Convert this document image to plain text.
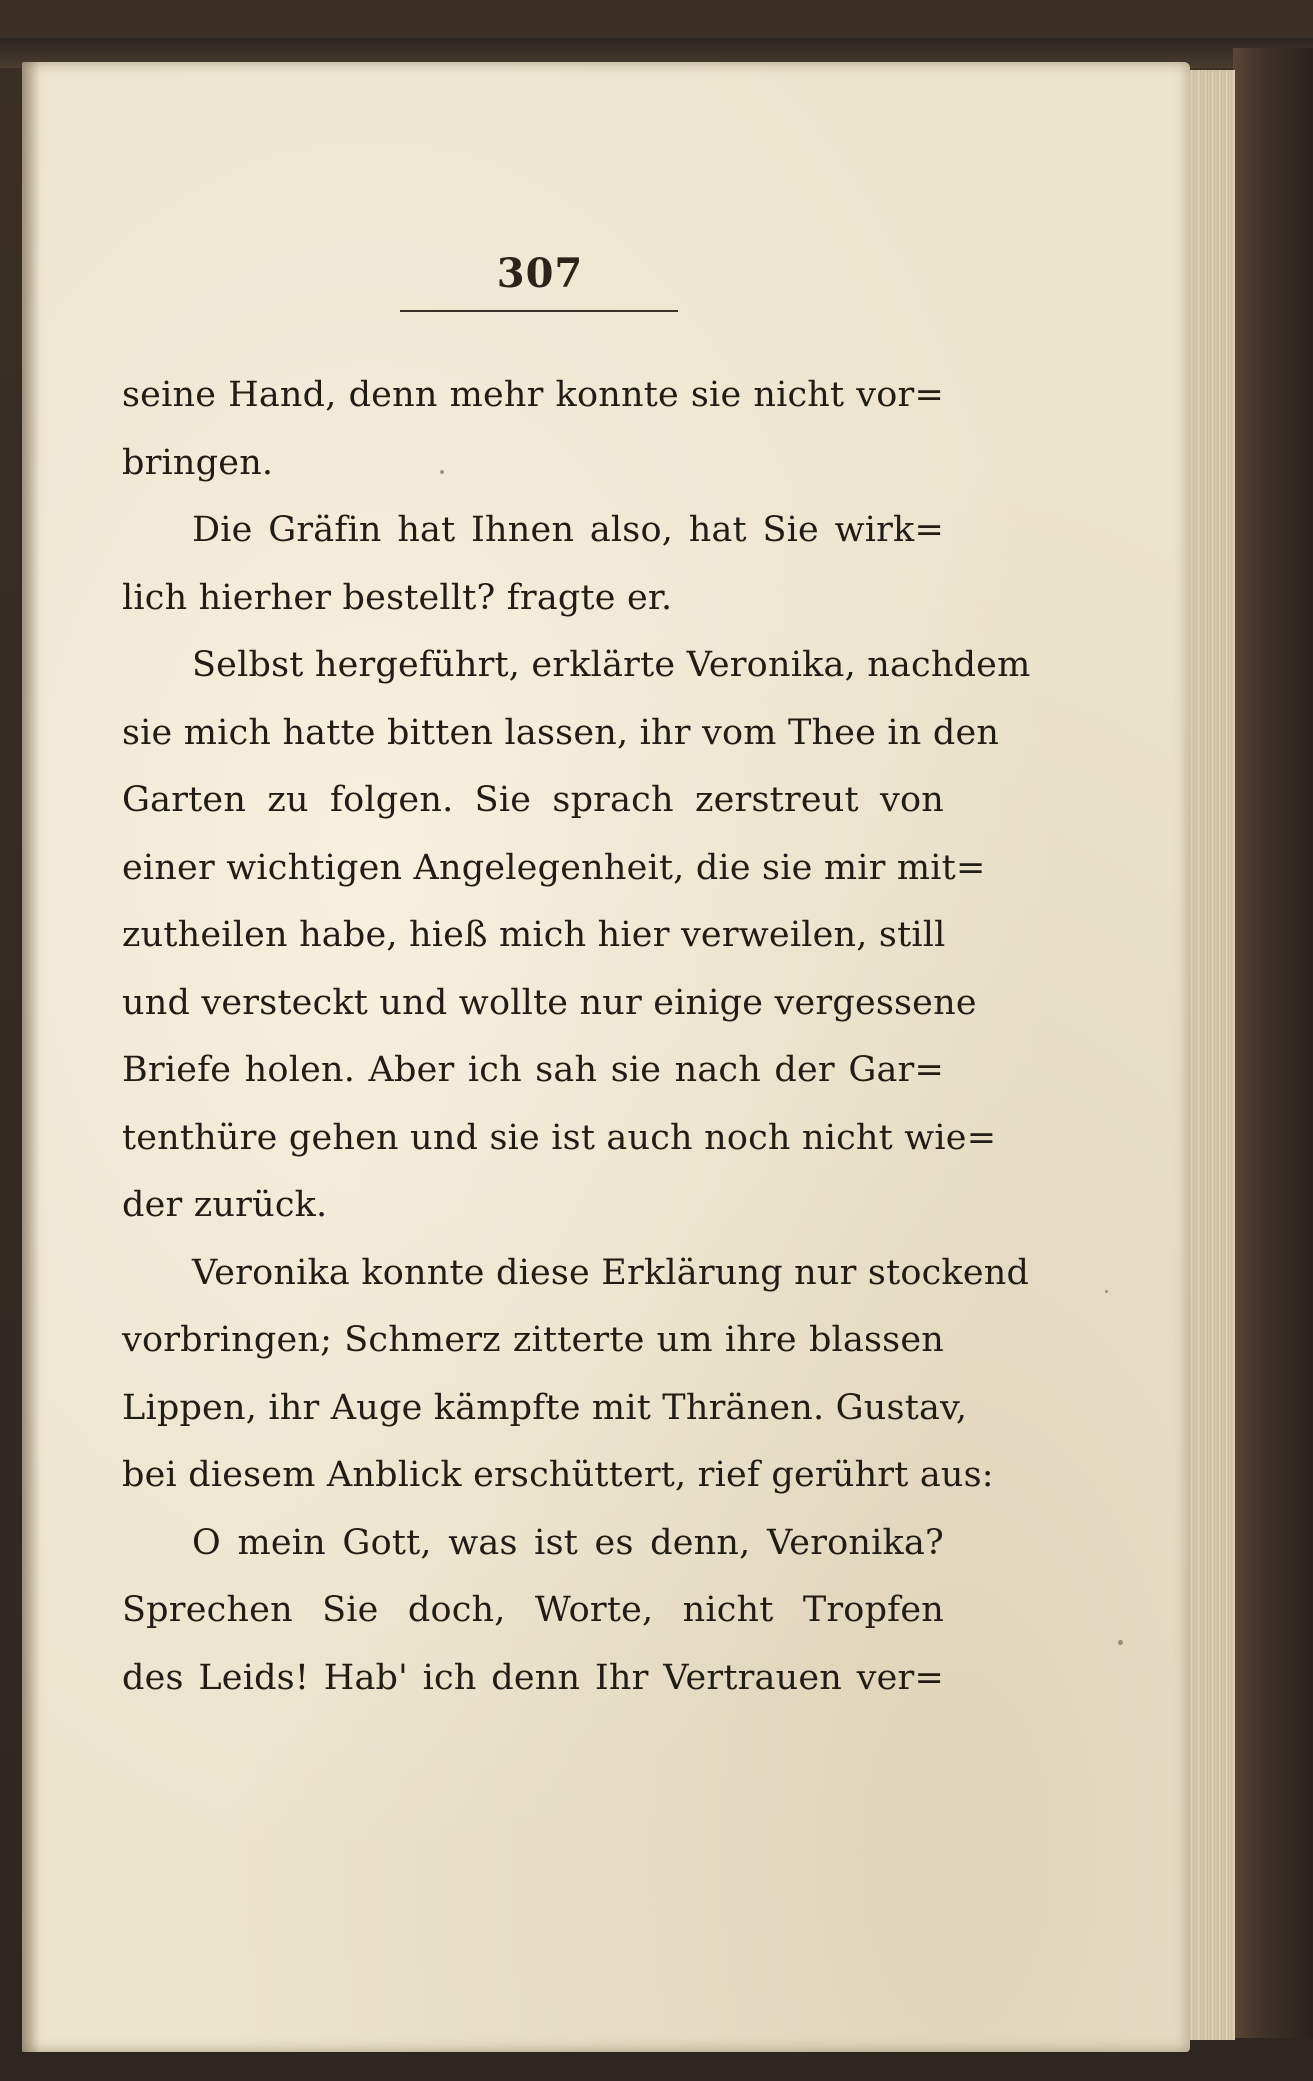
307
seine Hand, denn mehr konnte sie nicht vor=
bringen.
Die Gräfin hat Ihnen also, hat Sie wirk=
lich hierher bestellt? fragte er.
Selbst hergeführt, erklärte Veronika, nachdem
sie mich hatte bitten lassen, ihr vom Thee in den
Garten zu folgen. Sie sprach zerstreut von
einer wichtigen Angelegenheit, die sie mir mit=
zutheilen habe, hieß mich hier verweilen, still
und versteckt und wollte nur einige vergessene
Briefe holen. Aber ich sah sie nach der Gar=
tenthüre gehen und sie ist auch noch nicht wie=
der zurück.
Veronika konnte diese Erklärung nur stockend
vorbringen; Schmerz zitterte um ihre blassen
Lippen, ihr Auge kämpfte mit Thränen. Gustav,
bei diesem Anblick erschüttert, rief gerührt aus:
O mein Gott, was ist es denn, Veronika?
Sprechen Sie doch, Worte, nicht Tropfen
des Leids! Hab' ich denn Ihr Vertrauen ver=
